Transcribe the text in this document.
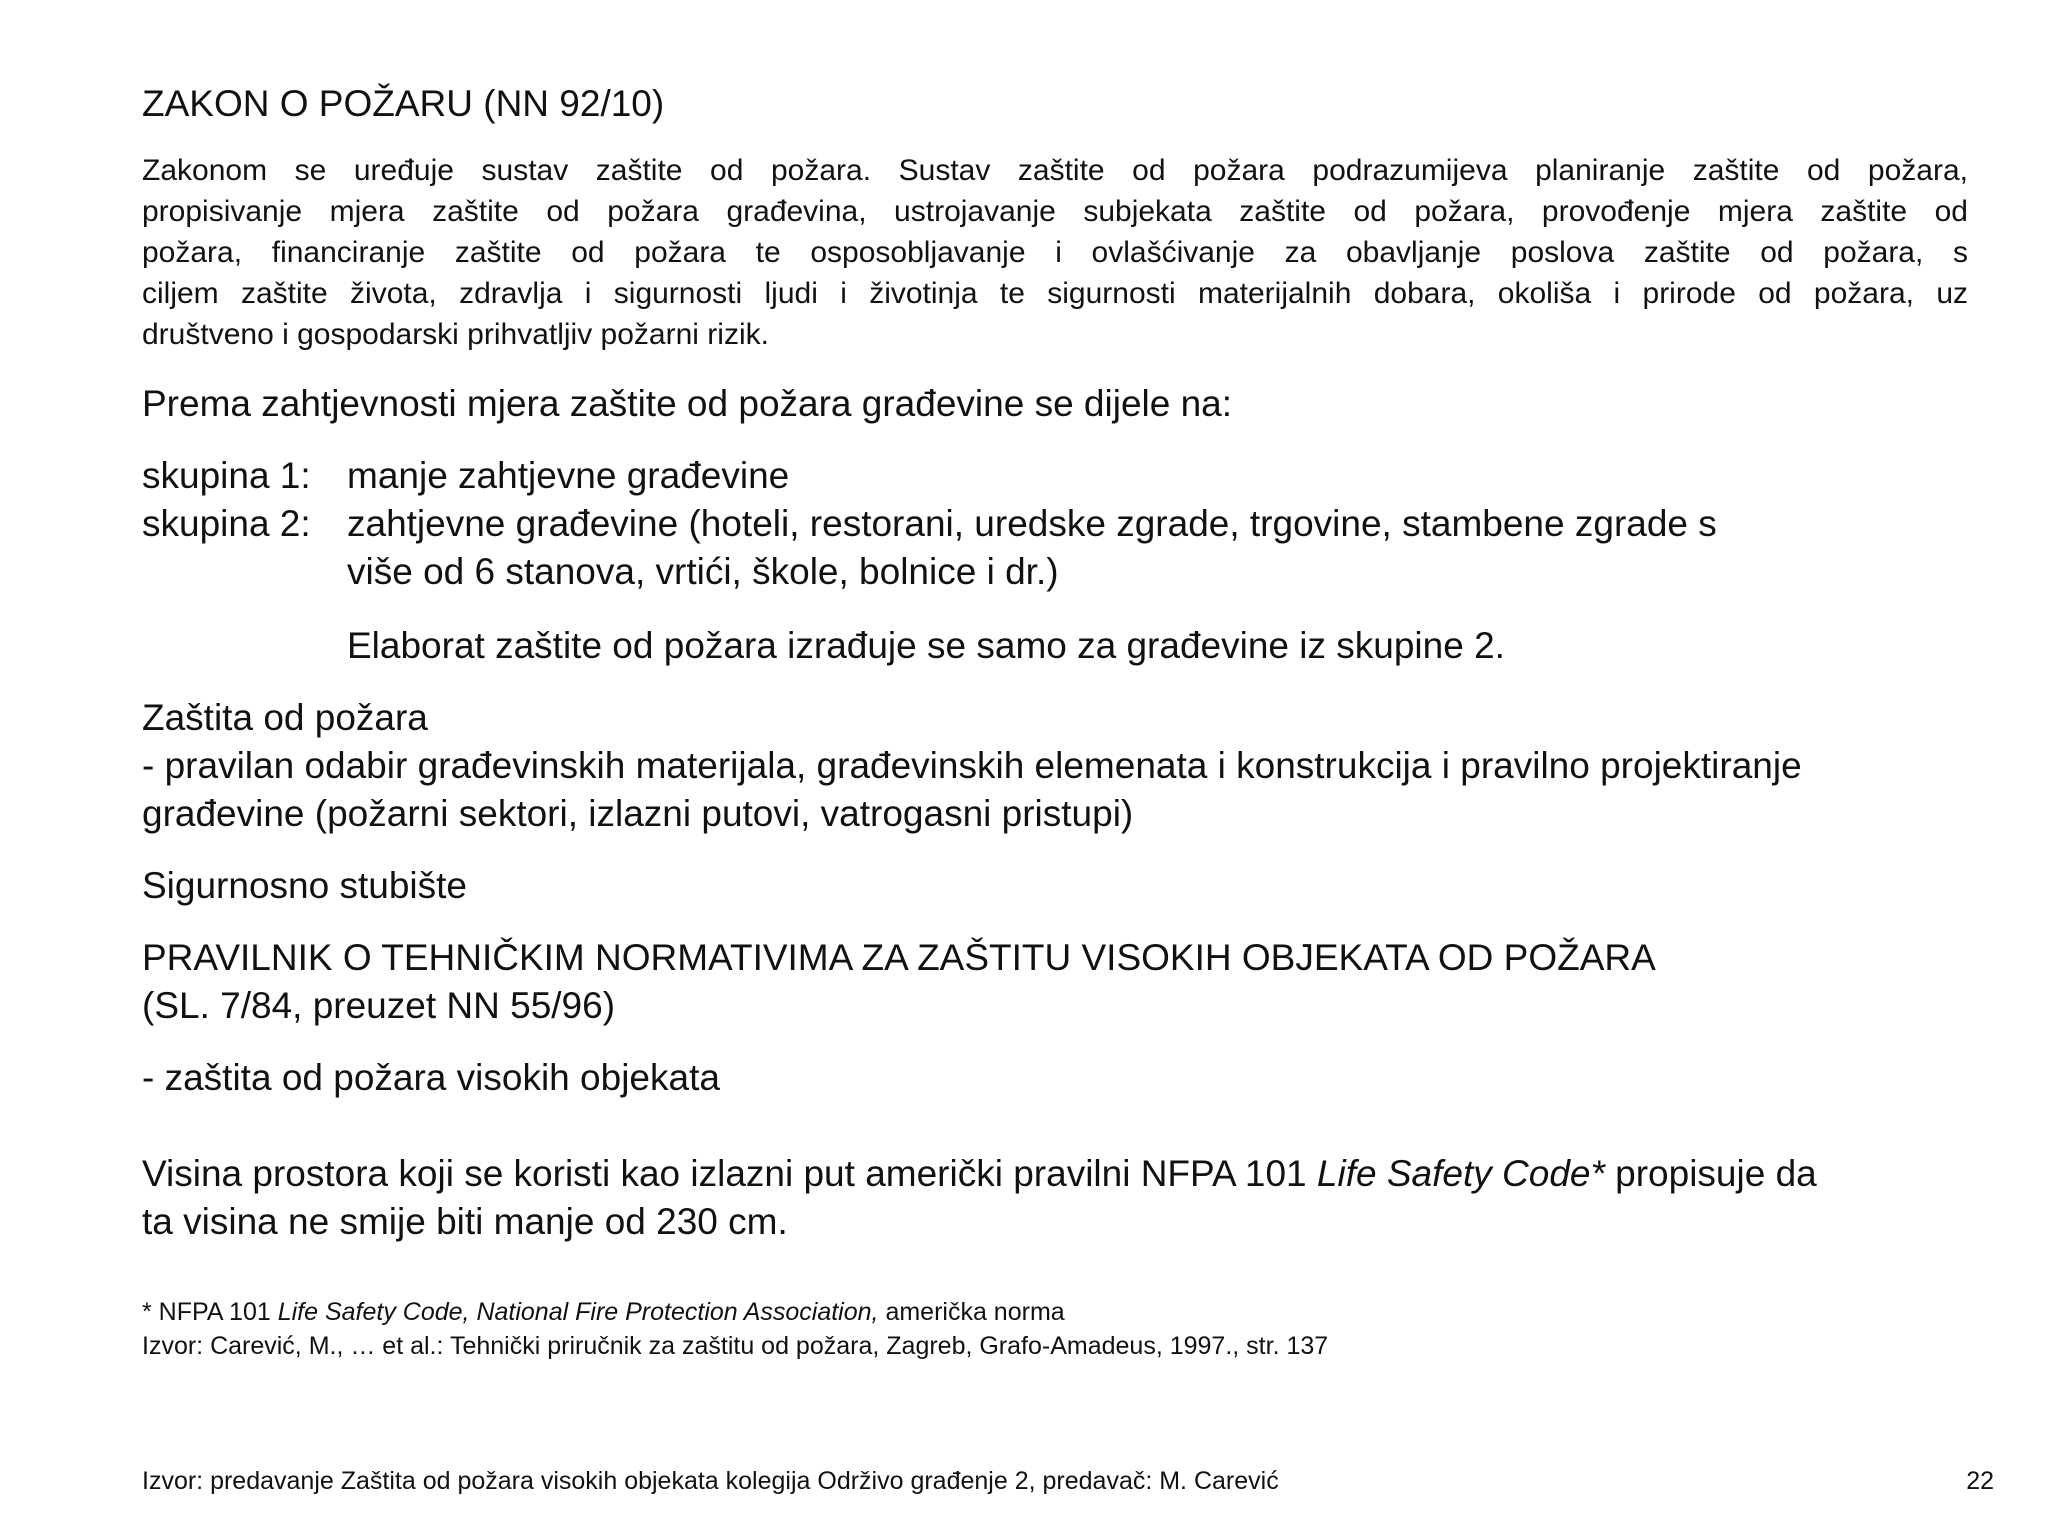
ZAKON O POŽARU (NN 92/10)

Zakonom se uređuje sustav zaštite od požara. Sustav zaštite od požara podrazumijeva planiranje zaštite od požara,
propisivanje mjera zaštite od požara građevina, ustrojavanje subjekata zaštite od požara, provođenje mjera zaštite od
požara, financiranje zaštite od požara te osposobljavanje i ovlašćivanje za obavljanje poslova zaštite od požara, s
ciljem zaštite života, zdravlja i sigurnosti ljudi i životinja te sigurnosti materijalnih dobara, okoliša i prirode od požara, uz
društveno i gospodarski prihvatljiv požarni rizik.

Prema zahtjevnosti mjera zaštite od požara građevine se dijele na:

skupina 1: manje zahtjevne građevine

skupina 2: zahtjevne građevine (hoteli, restorani, uredske zgrade, trgovine, stambene zgrade s

više od 6 stanova, vrtići, škole, bolnice i dr.)

Elaborat zaštite od požara izrađuje se samo za građevine iz skupine 2.

Zaštita od požara

- pravilan odabir građevinskih materijala, građevinskih elemenata i konstrukcija i pravilno projektiranje

građevine (požarni sektori, izlazni putovi, vatrogasni pristupi)

Sigurnosno stubište

PRAVILNIK O TEHNIČKIM NORMATIVIMA ZA ZAŠTITU VISOKIH OBJEKATA OD POŽARA

(SL. 7/84, preuzet NN 55/96)

- zaštita od požara visokih objekata

Visina prostora koji se koristi kao izlazni put američki pravilni NFPA 101 Life Safety Code* propisuje da

ta visina ne smije biti manje od 230 cm.

* NFPA 101 Life Safety Code, National Fire Protection Association, američka norma

Izvor: Carević, M., … et al.: Tehnički priručnik za zaštitu od požara, Zagreb, Grafo-Amadeus, 1997., str. 137

Izvor: predavanje Zaštita od požara visokih objekata kolegija Održivo građenje 2, predavač: M. Carević	22
